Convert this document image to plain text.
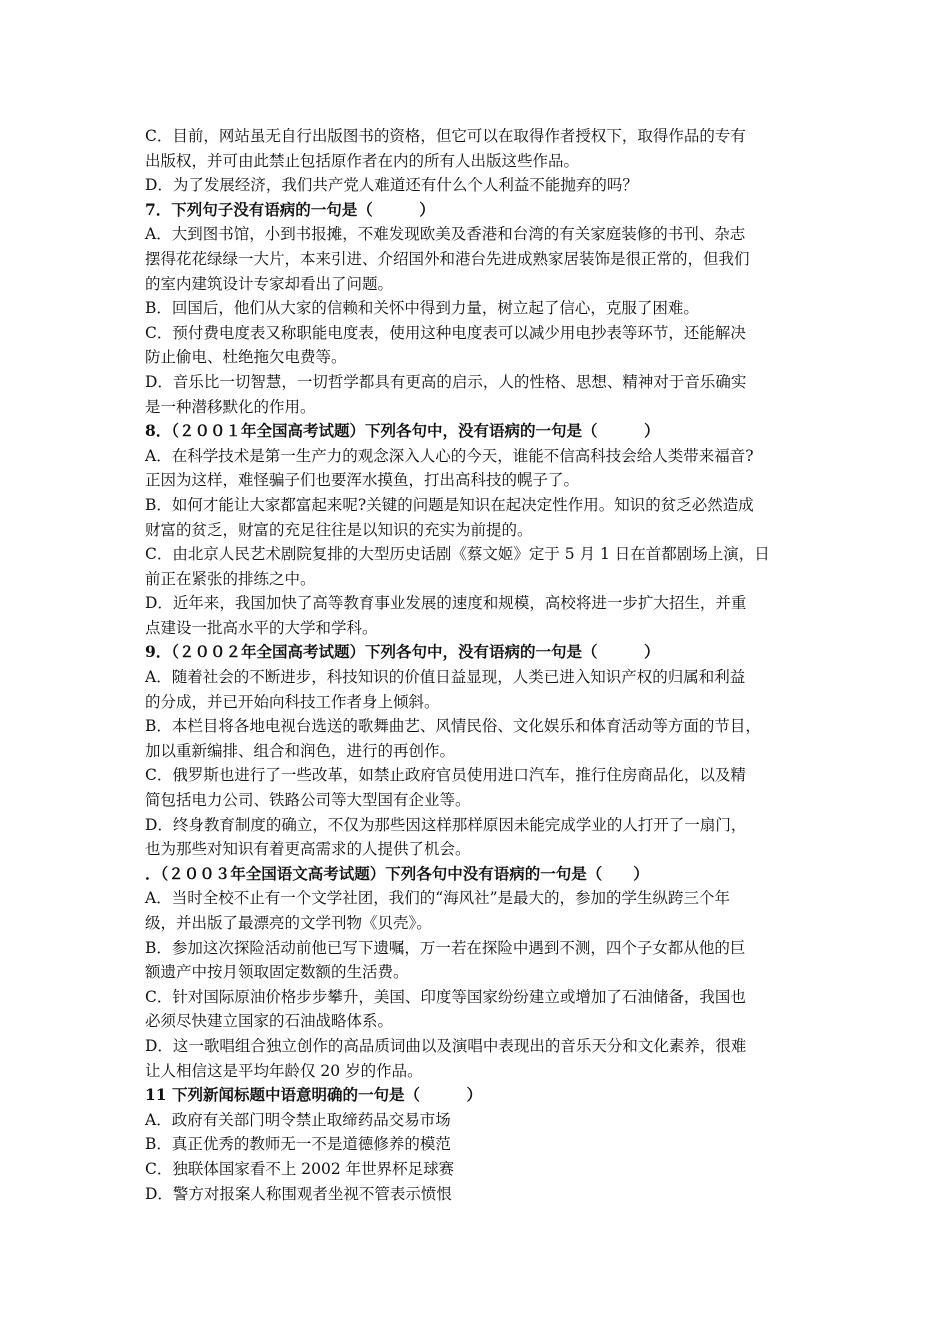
C．目前，网站虽无自行出版图书的资格，但它可以在取得作者授权下，取得作品的专有
出版权，并可由此禁止包括原作者在内的所有人出版这些作品。
D．为了发展经济，我们共产党人难道还有什么个人利益不能抛弃的吗？
7．下列句子没有语病的一句是（　　　）
A．大到图书馆，小到书报摊，不难发现欧美及香港和台湾的有关家庭装修的书刊、杂志
摆得花花绿绿一大片，本来引进、介绍国外和港台先进成熟家居装饰是很正常的，但我们
的室内建筑设计专家却看出了问题。
B．回国后，他们从大家的信赖和关怀中得到力量，树立起了信心，克服了困难。
C．预付费电度表又称职能电度表，使用这种电度表可以减少用电抄表等环节，还能解决
防止偷电、杜绝拖欠电费等。
D．音乐比一切智慧，一切哲学都具有更高的启示，人的性格、思想、精神对于音乐确实
是一种潜移默化的作用。
8．（２００１年全国高考试题）下列各句中，没有语病的一句是（　　　）
A．在科学技术是第一生产力的观念深入人心的今天，谁能不信高科技会给人类带来福音?
正因为这样，难怪骗子们也要浑水摸鱼，打出高科技的幌子了。
B．如何才能让大家都富起来呢?关键的问题是知识在起决定性作用。知识的贫乏必然造成
财富的贫乏，财富的充足往往是以知识的充实为前提的。
C．由北京人民艺术剧院复排的大型历史话剧《蔡文姬》定于 5 月 1 日在首都剧场上演，日
前正在紧张的排练之中。
D．近年来，我国加快了高等教育事业发展的速度和规模，高校将进一步扩大招生，并重
点建设一批高水平的大学和学科。
9．（２００２年全国高考试题）下列各句中，没有语病的一句是（　　　）
A．随着社会的不断进步，科技知识的价值日益显现，人类已进入知识产权的归属和利益
的分成，并已开始向科技工作者身上倾斜。
B．本栏目将各地电视台选送的歌舞曲艺、风情民俗、文化娱乐和体育活动等方面的节目，
加以重新编排、组合和润色，进行的再创作。
C．俄罗斯也进行了一些改革，如禁止政府官员使用进口汽车，推行住房商品化，以及精
简包括电力公司、铁路公司等大型国有企业等。
D．终身教育制度的确立，不仅为那些因这样那样原因未能完成学业的人打开了一扇门，
也为那些对知识有着更高需求的人提供了机会。
．（２００３年全国语文高考试题）下列各句中没有语病的一句是（　　）
A．当时全校不止有一个文学社团，我们的“海风社”是最大的，参加的学生纵跨三个年
级，并出版了最漂亮的文学刊物《贝壳》。
B．参加这次探险活动前他已写下遗嘱，万一若在探险中遇到不测，四个子女都从他的巨
额遗产中按月领取固定数额的生活费。
C．针对国际原油价格步步攀升，美国、印度等国家纷纷建立或增加了石油储备，我国也
必须尽快建立国家的石油战略体系。
D．这一歌唱组合独立创作的高品质词曲以及演唱中表现出的音乐天分和文化素养，很难
让人相信这是平均年龄仅 20 岁的作品。
11 下列新闻标题中语意明确的一句是（　　　）
A．政府有关部门明令禁止取缔药品交易市场
B．真正优秀的教师无一不是道德修养的模范
C．独联体国家看不上 2002 年世界杯足球赛
D．警方对报案人称围观者坐视不管表示愤恨
